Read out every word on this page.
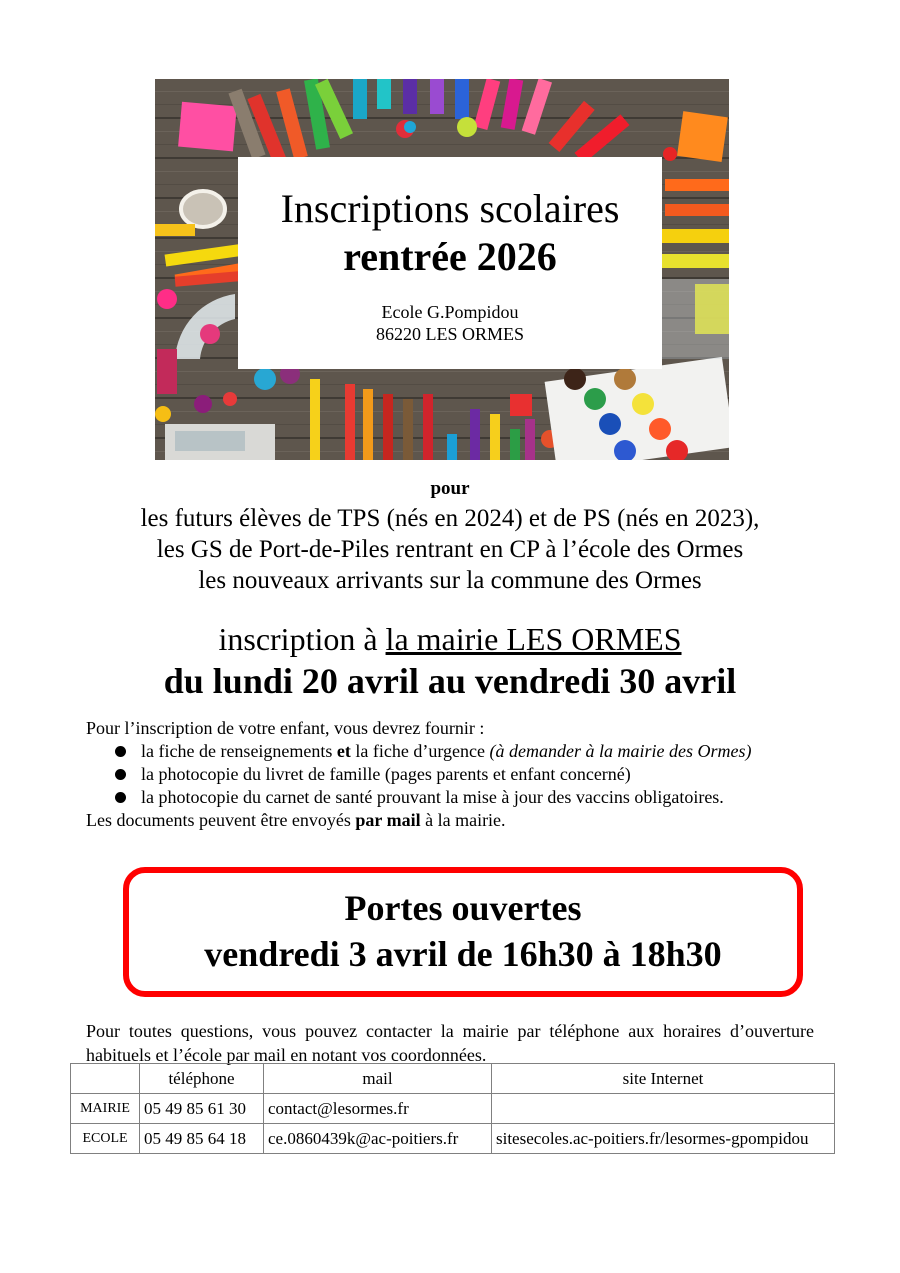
Inscriptions scolaires
rentrée 2026
Ecole G.Pompidou
86220 LES ORMES
pour
les futurs élèves de TPS (nés en 2024) et de PS (nés en 2023),
les GS de Port-de-Piles rentrant en CP à l’école des Ormes
les nouveaux arrivants sur la commune des Ormes
inscription à la mairie LES ORMES
du lundi 20 avril au vendredi 30 avril
Pour l’inscription de votre enfant, vous devrez fournir :
la fiche de renseignements et la fiche d’urgence (à demander à la mairie des Ormes)
la photocopie du livret de famille (pages parents et enfant concerné)
la photocopie du carnet de santé prouvant la mise à jour des vaccins obligatoires.
Les documents peuvent être envoyés par mail à la mairie.
Portes ouvertes
vendredi 3 avril de 16h30 à 18h30
Pour toutes questions, vous pouvez contacter la mairie par téléphone aux horaires d’ouverture habituels et l’école par mail en notant vos coordonnées.
	téléphone	mail	site Internet
MAIRIE	05 49 85 61 30	contact@lesormes.fr	
ECOLE	05 49 85 64 18	ce.0860439k@ac-poitiers.fr	sitesecoles.ac-poitiers.fr/lesormes-gpompidou
